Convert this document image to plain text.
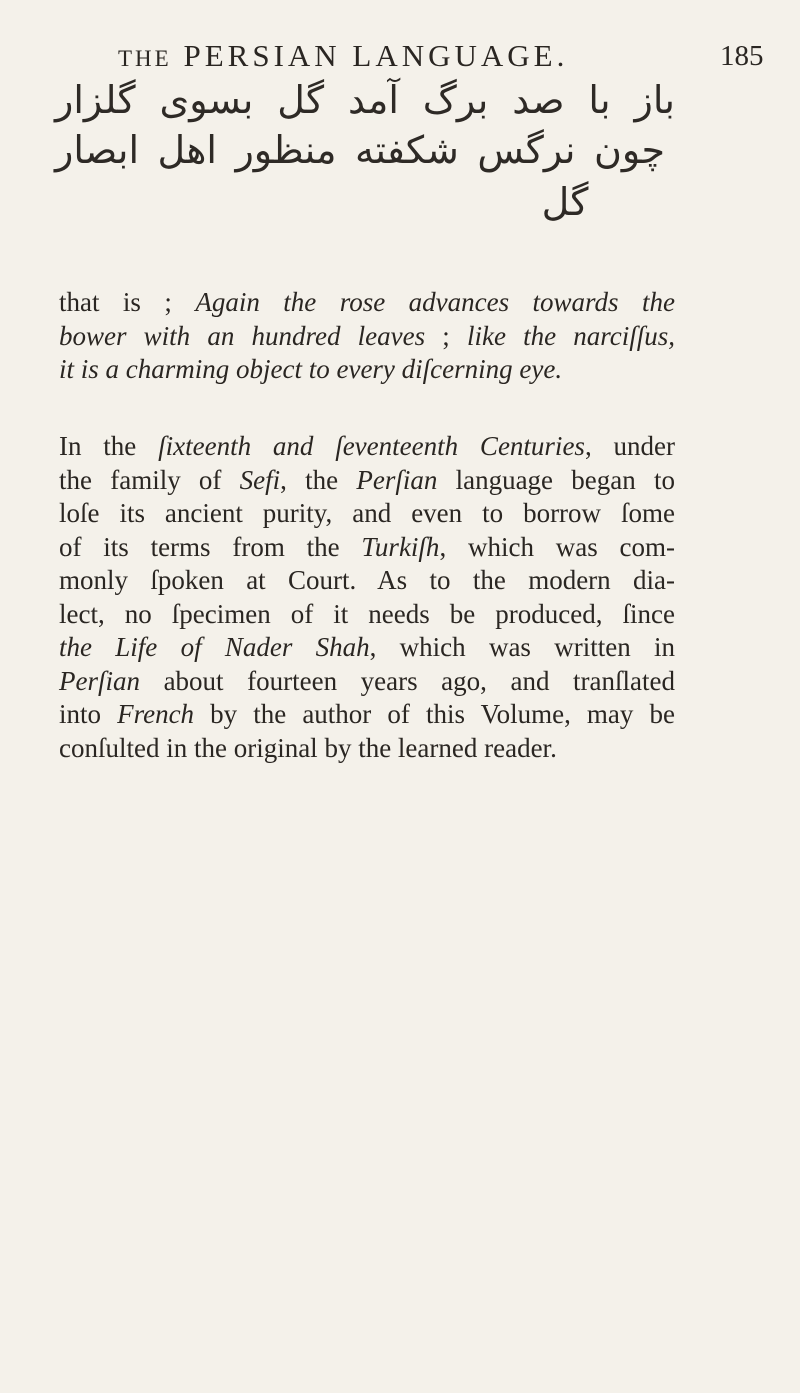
THE PERSIAN LANGUAGE.	185
باز با صد برگ آمد گل بسوی گلزار
چون نرگس شکفته منظور اهل ابصار
گل
that is ; Again the rose advances towards the
bower with an hundred leaves ; like the narciſſus,
it is a charming object to every diſcerning eye.
In the ſixteenth and ſeventeenth Centuries, under
the family of Sefi, the Perſian language began to
loſe its ancient purity, and even to borrow ſome
of its terms from the Turkiſh, which was com-
monly ſpoken at Court. As to the modern dia-
lect, no ſpecimen of it needs be produced, ſince
the Life of Nader Shah, which was written in
Perſian about fourteen years ago, and tranſlated
into French by the author of this Volume, may be
conſulted in the original by the learned reader.
